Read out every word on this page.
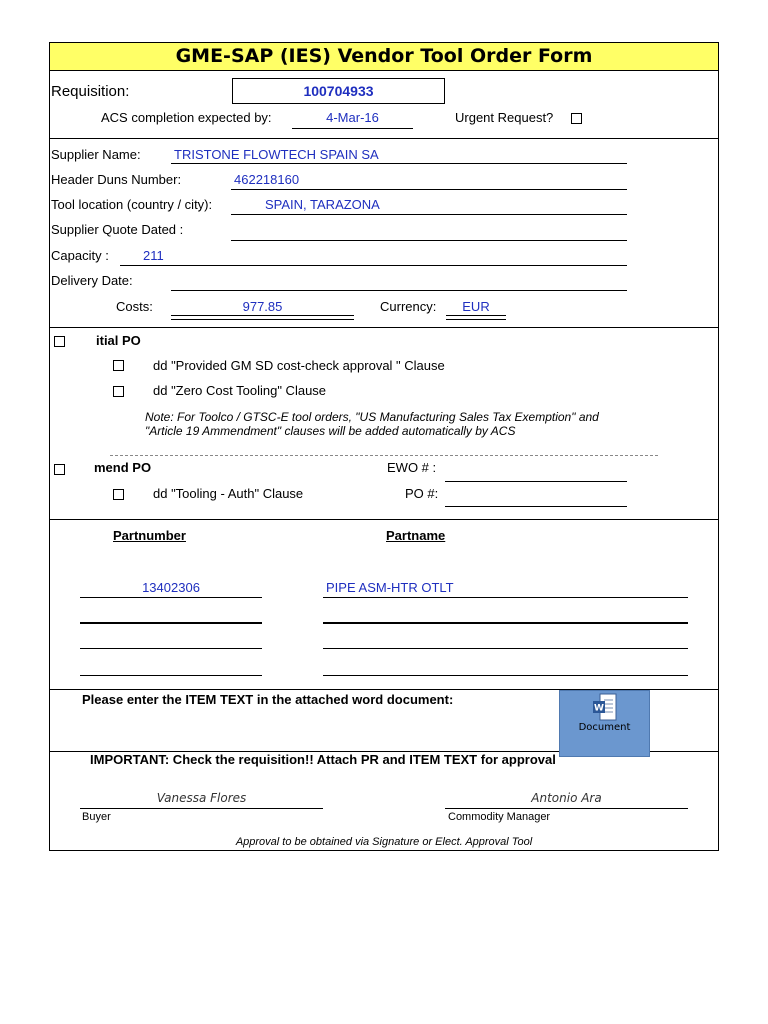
GME-SAP (IES) Vendor Tool Order Form
Requisition:	100704933
ACS completion expected by:	4-Mar-16	Urgent Request?
Supplier Name:	TRISTONE FLOWTECH SPAIN SA
Header Duns Number:	462218160
Tool location (country / city):	SPAIN, TARAZONA
Supplier Quote Dated :
Capacity :	211
Delivery Date:
Costs:	977.85	Currency:	EUR
itial PO
dd "Provided GM SD cost-check approval " Clause
dd "Zero Cost Tooling" Clause
Note: For Toolco / GTSC-E tool orders, "US Manufacturing Sales Tax Exemption" and
"Article 19 Ammendment" clauses will be added automatically by ACS
mend PO	EWO # :
dd "Tooling - Auth" Clause	PO #:
Partnumber	Partname
13402306	PIPE ASM-HTR OTLT
Please enter the ITEM TEXT in the attached word document:
IMPORTANT: Check the requisition!! Attach PR and ITEM TEXT for approval
W
Document
Vanessa Flores
Buyer
Antonio Ara
Commodity Manager
Approval to be obtained via Signature or Elect. Approval Tool
